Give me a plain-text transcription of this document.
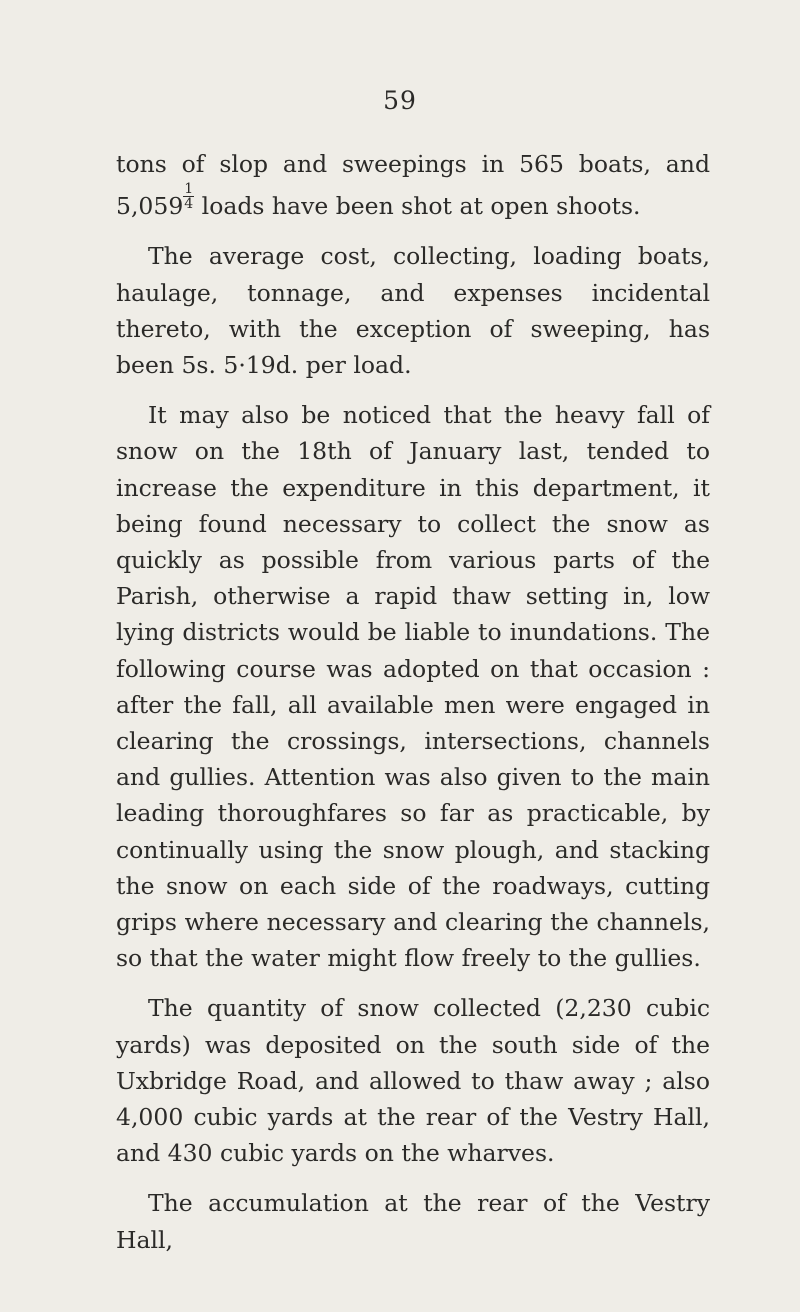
59

tons of slop and sweepings in 565 boats, and $5,059 \frac{1}{4}$ loads have been shot at open shoots.

The average cost, collecting, loading boats, haulage, tonnage, and expenses incidental thereto, with the exception of sweeping, has been 5s. 5·19d. per load.

It may also be noticed that the heavy fall of snow on the 18th of January last, tended to increase the expenditure in this department, it being found necessary to collect the snow as quickly as possible from various parts of the Parish, otherwise a rapid thaw setting in, low lying districts would be liable to inundations. The following course was adopted on that occasion : after the fall, all available men were engaged in clearing the crossings, intersections, channels and gullies. Attention was also given to the main leading thoroughfares so far as practicable, by continually using the snow plough, and stacking the snow on each side of the roadways, cutting grips where necessary and clearing the channels, so that the water might flow freely to the gullies.

The quantity of snow collected (2,230 cubic yards) was deposited on the south side of the Uxbridge Road, and allowed to thaw away ; also 4,000 cubic yards at the rear of the Vestry Hall, and 430 cubic yards on the wharves.

The accumulation at the rear of the Vestry Hall,
